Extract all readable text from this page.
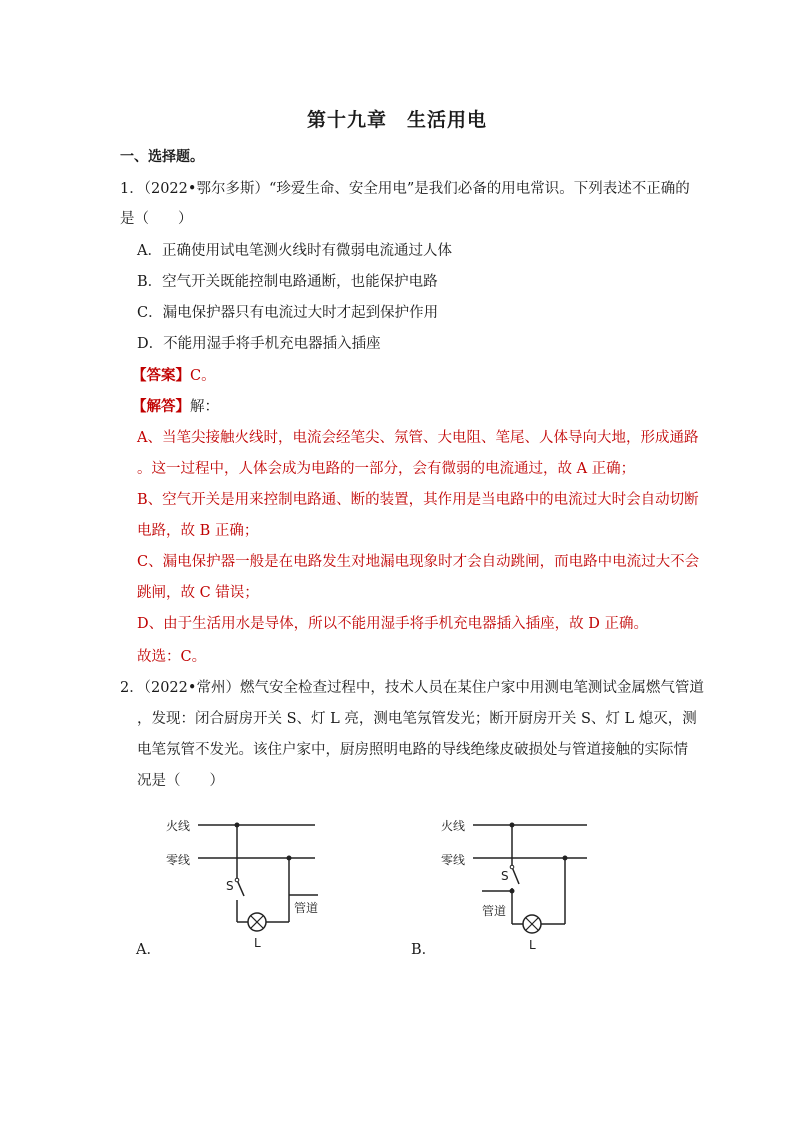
第十九章　生活用电
一、选择题。
1．（2022•鄂尔多斯）“珍爱生命、安全用电”是我们必备的用电常识。下列表述不正确的
是（　　）
A．正确使用试电笔测火线时有微弱电流通过人体
B．空气开关既能控制电路通断，也能保护电路
C．漏电保护器只有电流过大时才起到保护作用
D．不能用湿手将手机充电器插入插座
【答案】C。
【解答】解：
A、当笔尖接触火线时，电流会经笔尖、氖管、大电阻、笔尾、人体导向大地，形成通路
。这一过程中，人体会成为电路的一部分，会有微弱的电流通过，故 A 正确；
B、空气开关是用来控制电路通、断的装置，其作用是当电路中的电流过大时会自动切断
电路，故 B 正确；
C、漏电保护器一般是在电路发生对地漏电现象时才会自动跳闸，而电路中电流过大不会
跳闸，故 C 错误；
D、由于生活用水是导体，所以不能用湿手将手机充电器插入插座，故 D 正确。
故选：C。
2．（2022•常州）燃气安全检查过程中，技术人员在某住户家中用测电笔测试金属燃气管道
，发现：闭合厨房开关 S、灯 L 亮，测电笔氖管发光；断开厨房开关 S、灯 L 熄灭，测
电笔氖管不发光。该住户家中，厨房照明电路的导线绝缘皮破损处与管道接触的实际情
况是（　　）
火线
零线
S
L
管道
A．
火线
零线
S
管道
L
B．
